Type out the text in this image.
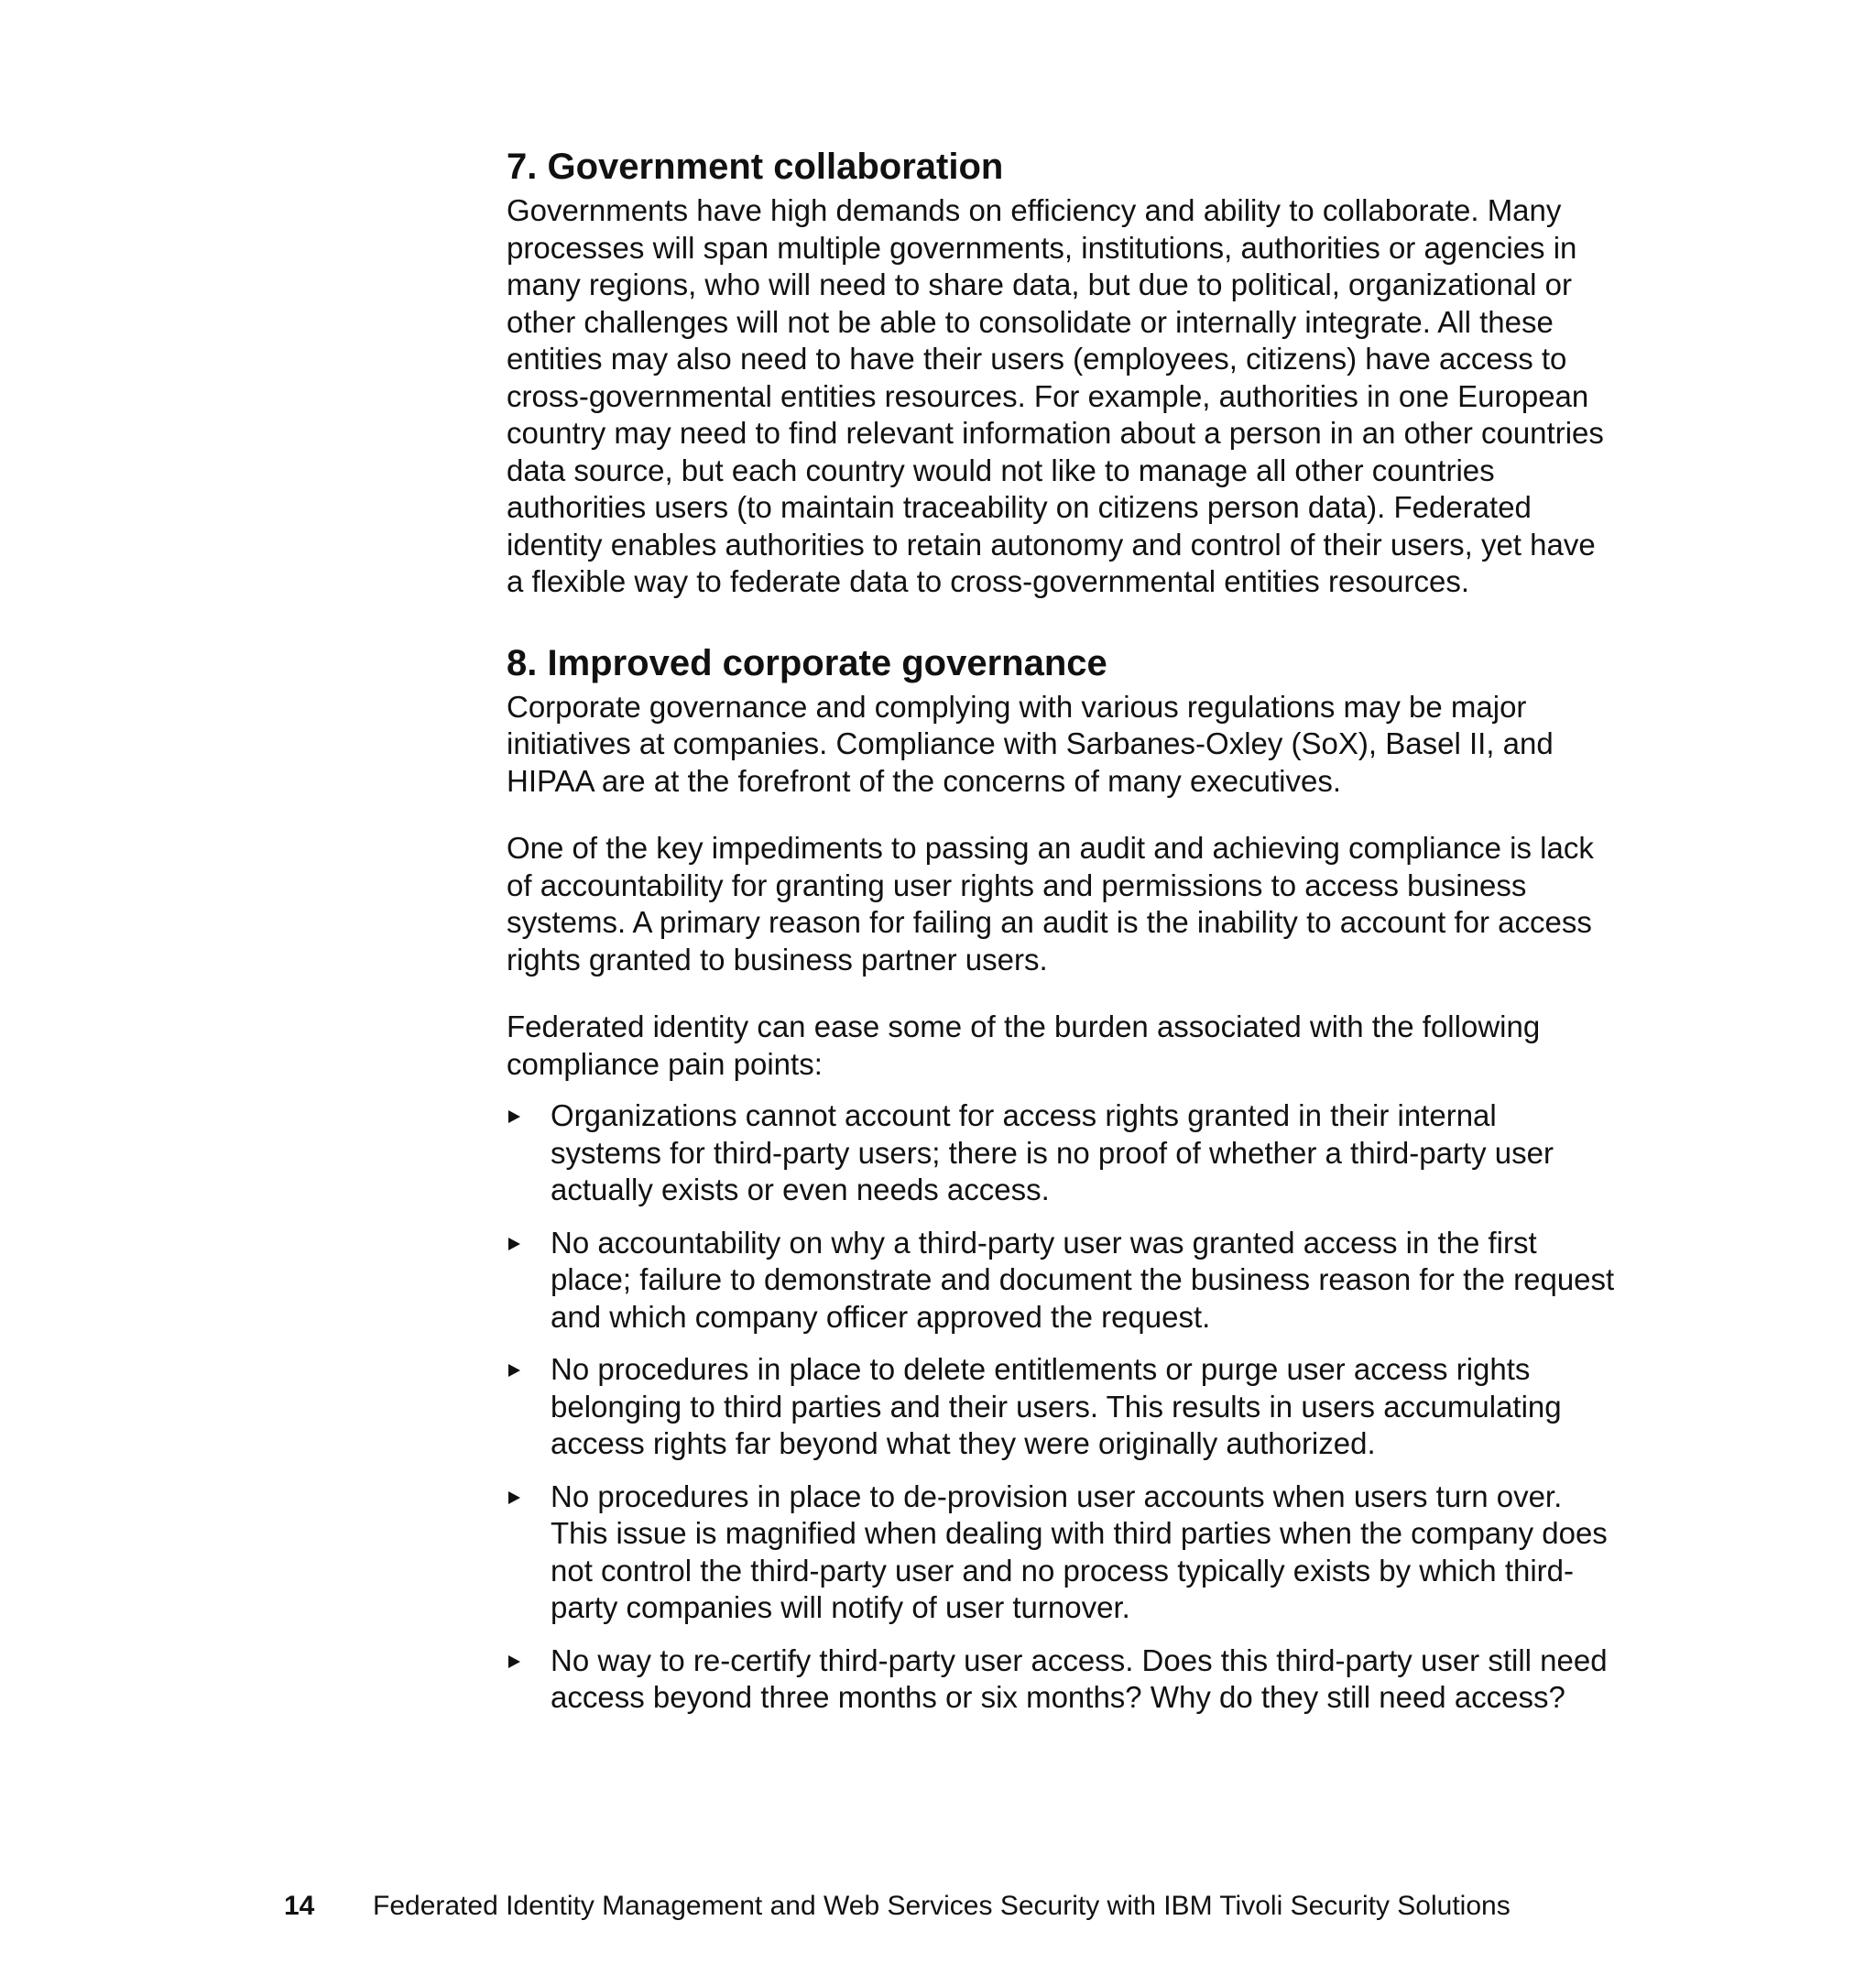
7. Government collaboration

Governments have high demands on efficiency and ability to collaborate. Many processes will span multiple governments, institutions, authorities or agencies in many regions, who will need to share data, but due to political, organizational or other challenges will not be able to consolidate or internally integrate. All these entities may also need to have their users (employees, citizens) have access to cross-governmental entities resources. For example, authorities in one European country may need to find relevant information about a person in an other countries data source, but each country would not like to manage all other countries authorities users (to maintain traceability on citizens person data). Federated identity enables authorities to retain autonomy and control of their users, yet have a flexible way to federate data to cross-governmental entities resources.

8. Improved corporate governance

Corporate governance and complying with various regulations may be major initiatives at companies. Compliance with Sarbanes-Oxley (SoX), Basel II, and HIPAA are at the forefront of the concerns of many executives.

One of the key impediments to passing an audit and achieving compliance is lack of accountability for granting user rights and permissions to access business systems. A primary reason for failing an audit is the inability to account for access rights granted to business partner users.

Federated identity can ease some of the burden associated with the following compliance pain points:

Organizations cannot account for access rights granted in their internal systems for third-party users; there is no proof of whether a third-party user actually exists or even needs access.
No accountability on why a third-party user was granted access in the first place; failure to demonstrate and document the business reason for the request and which company officer approved the request.
No procedures in place to delete entitlements or purge user access rights belonging to third parties and their users. This results in users accumulating access rights far beyond what they were originally authorized.
No procedures in place to de-provision user accounts when users turn over. This issue is magnified when dealing with third parties when the company does not control the third-party user and no process typically exists by which third-party companies will notify of user turnover.
No way to re-certify third-party user access. Does this third-party user still need access beyond three months or six months? Why do they still need access?
14 Federated Identity Management and Web Services Security with IBM Tivoli Security Solutions
